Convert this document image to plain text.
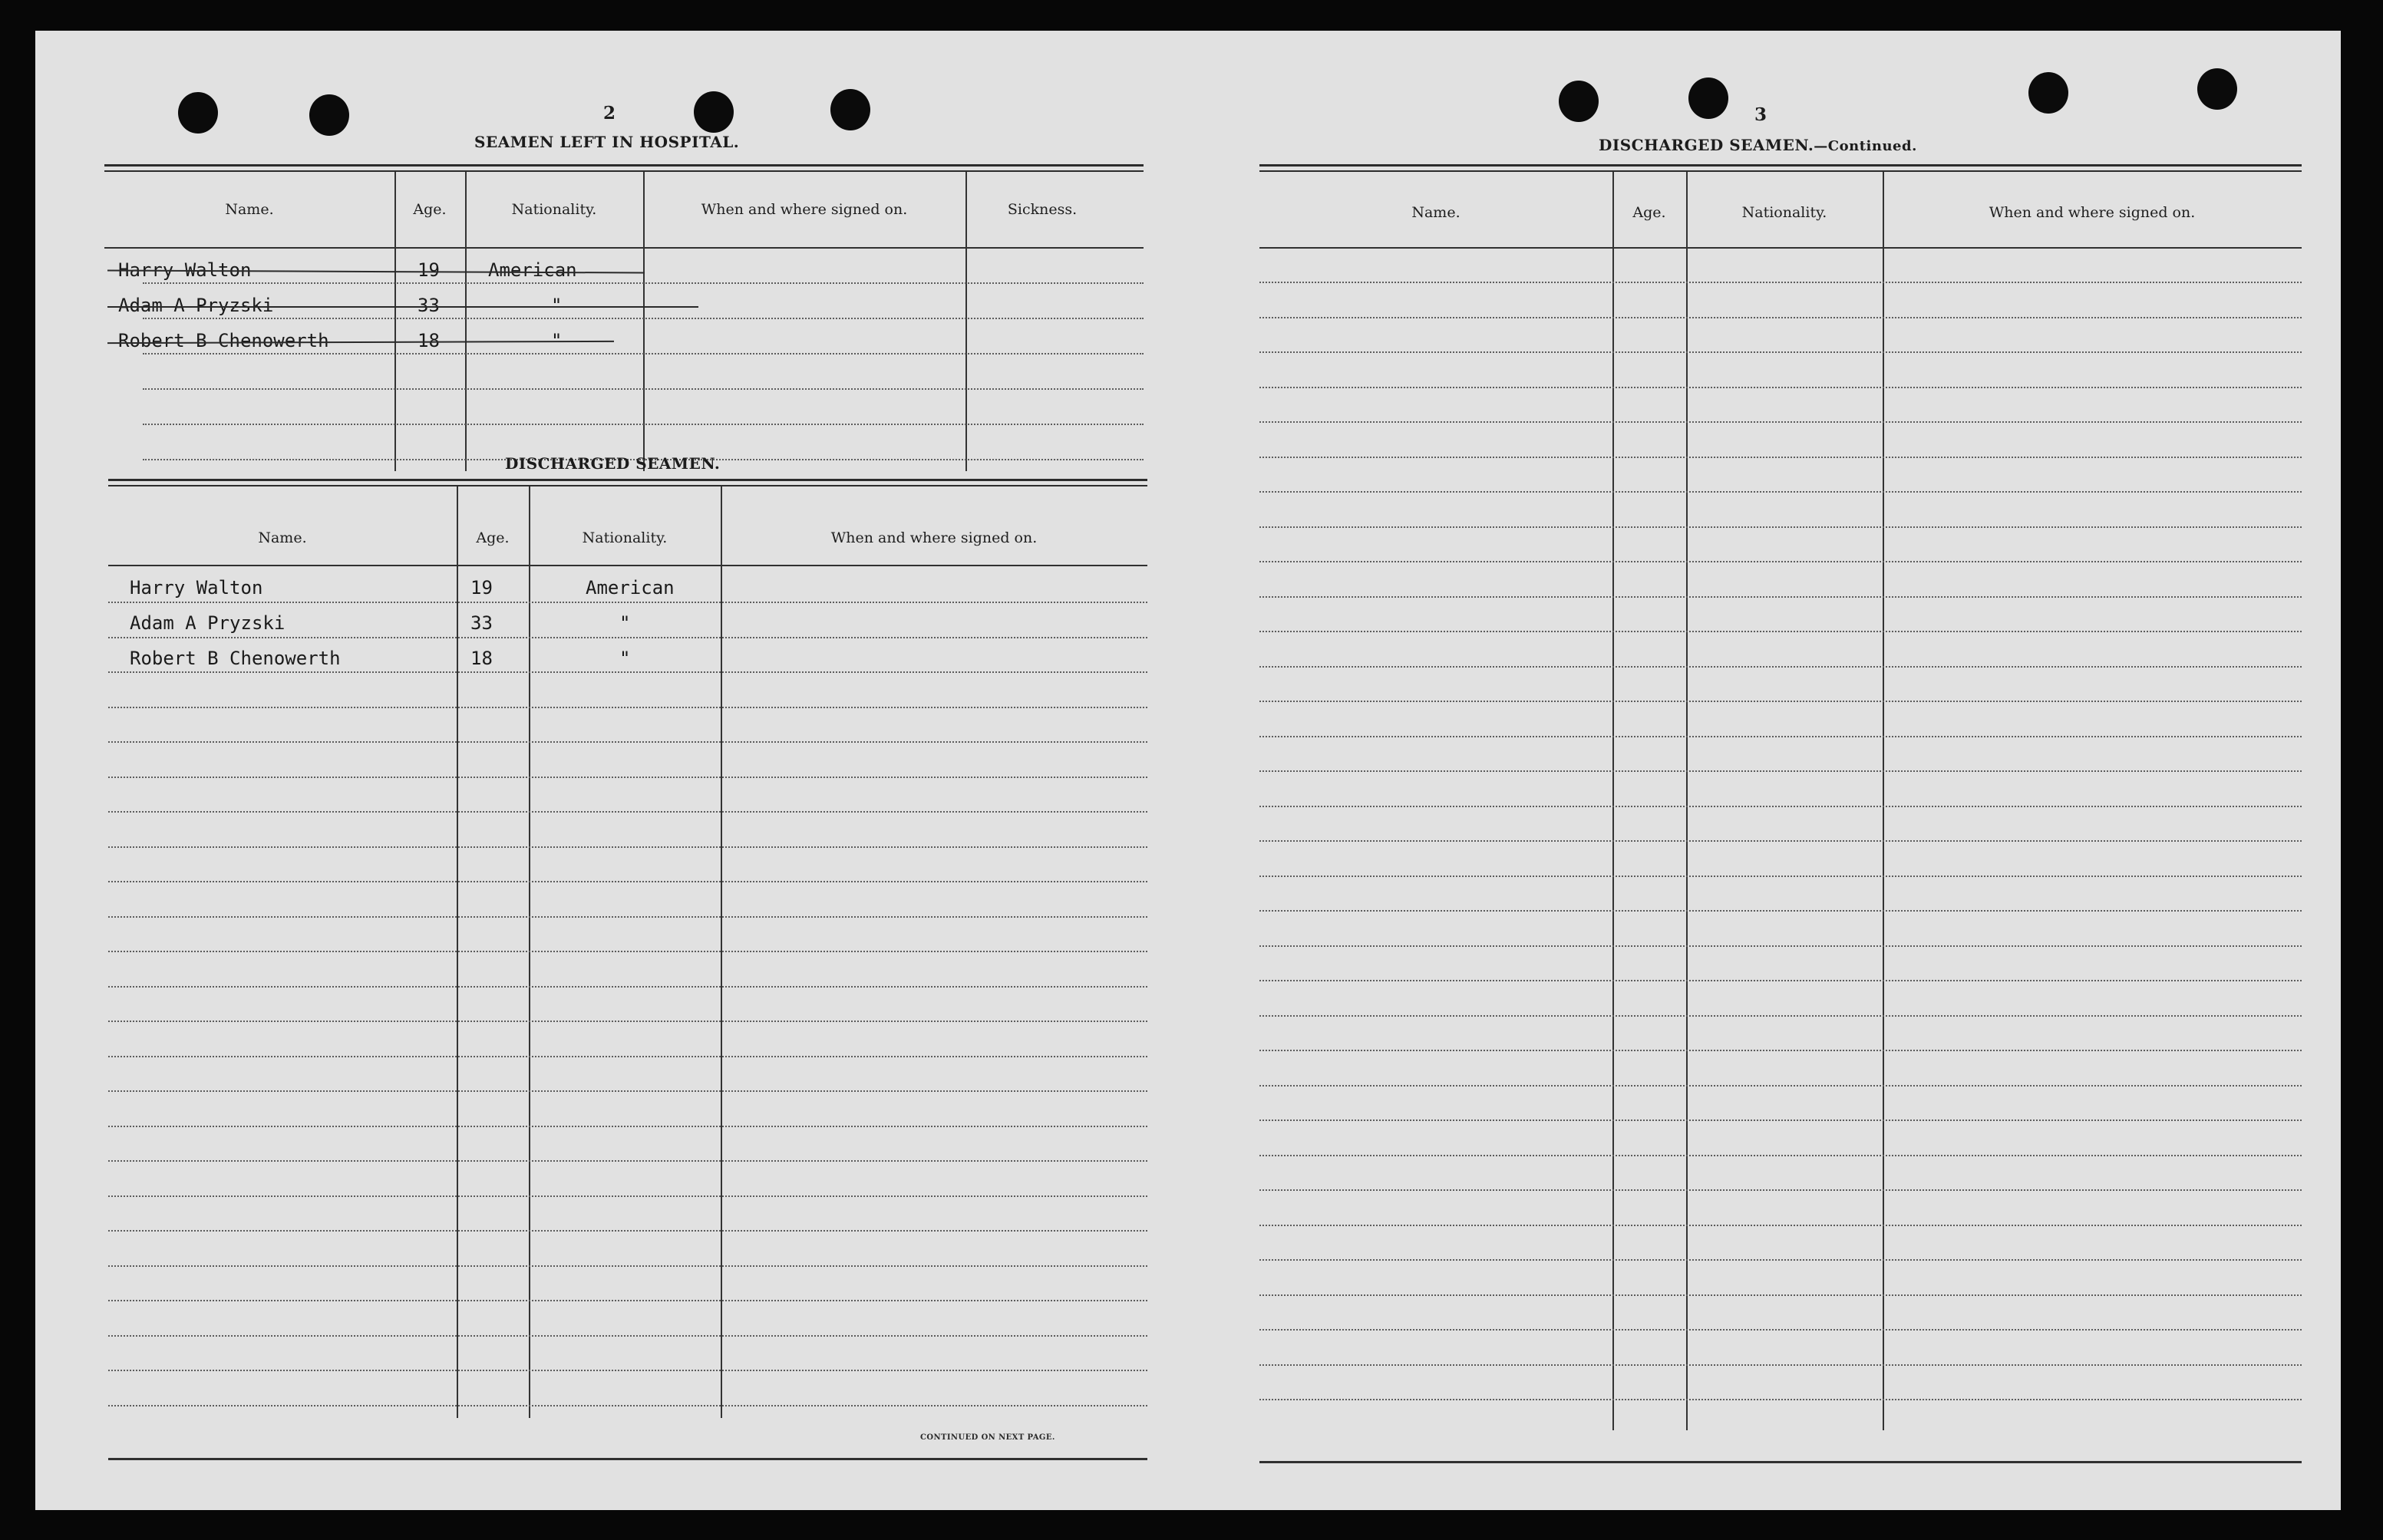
2
SEAMEN LEFT IN HOSPITAL.
Name.	Age.	Nationality.	When and where signed on.	Sickness.
Harry Walton	19	American
Adam A Pryzski	33	"
Robert B Chenowerth	18	"
DISCHARGED SEAMEN.
Name.	Age.	Nationality.	When and where signed on.
Harry Walton	19	American
Adam A Pryzski	33	"
Robert B Chenowerth	18	"
CONTINUED ON NEXT PAGE.
3
DISCHARGED SEAMEN.—Continued.
Name.	Age.	Nationality.	When and where signed on.
